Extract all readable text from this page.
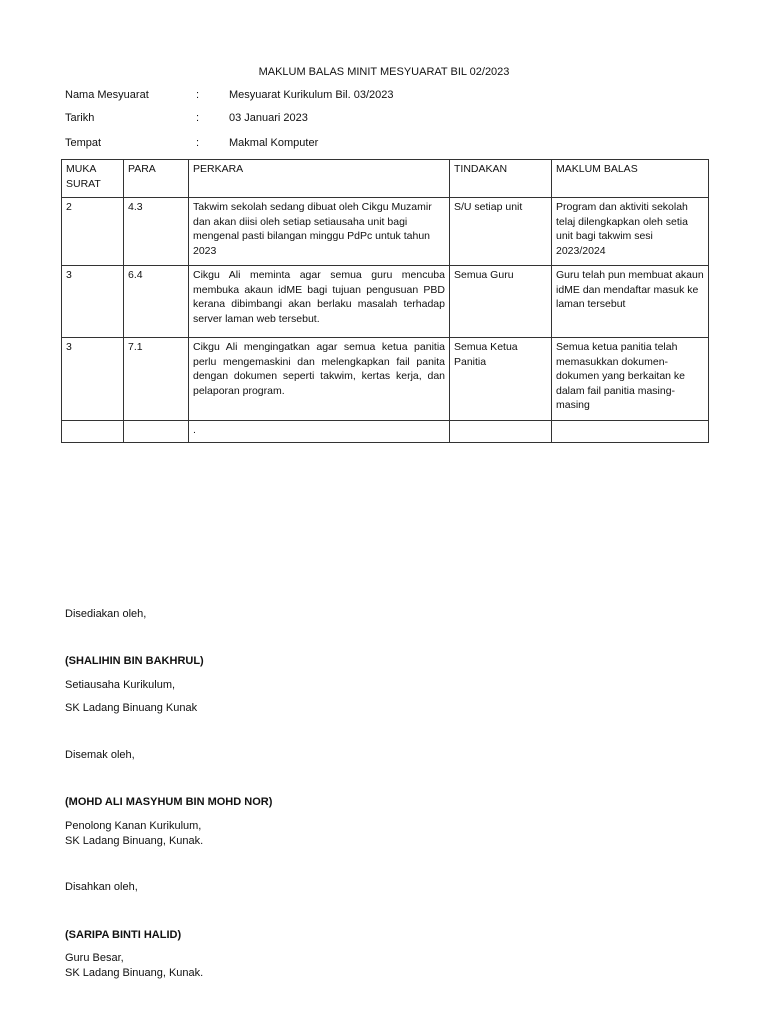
MAKLUM BALAS MINIT MESYUARAT BIL 02/2023
Nama Mesyuarat	:	Mesyuarat Kurikulum Bil. 03/2023
Tarikh	:	03 Januari 2023
Tempat	:	Makmal Komputer
MUKA SURAT	PARA	PERKARA	TINDAKAN	MAKLUM BALAS
2	4.3	Takwim sekolah sedang dibuat oleh Cikgu Muzamir dan akan diisi oleh setiap setiausaha unit bagi mengenal pasti bilangan minggu PdPc untuk tahun 2023	S/U setiap unit	Program dan aktiviti sekolah telaj dilengkapkan oleh setia unit bagi takwim sesi 2023/2024
3	6.4	Cikgu Ali meminta agar semua guru mencuba membuka akaun idME bagi tujuan pengusuan PBD kerana dibimbangi akan berlaku masalah terhadap server laman web tersebut.	Semua Guru	Guru telah pun membuat akaun idME dan mendaftar masuk ke laman tersebut
3	7.1	Cikgu Ali mengingatkan agar semua ketua panitia perlu mengemaskini dan melengkapkan fail panita dengan dokumen seperti takwim, kertas kerja, dan pelaporan program.	Semua Ketua Panitia	Semua ketua panitia telah memasukkan dokumen-dokumen yang berkaitan ke dalam fail panitia masing-masing
		.		
Disediakan oleh,
(SHALIHIN BIN BAKHRUL)
Setiausaha Kurikulum,
SK Ladang Binuang Kunak
Disemak oleh,
(MOHD ALI MASYHUM BIN MOHD NOR)
Penolong Kanan Kurikulum,
SK Ladang Binuang, Kunak.
Disahkan oleh,
(SARIPA BINTI HALID)
Guru Besar,
SK Ladang Binuang, Kunak.
